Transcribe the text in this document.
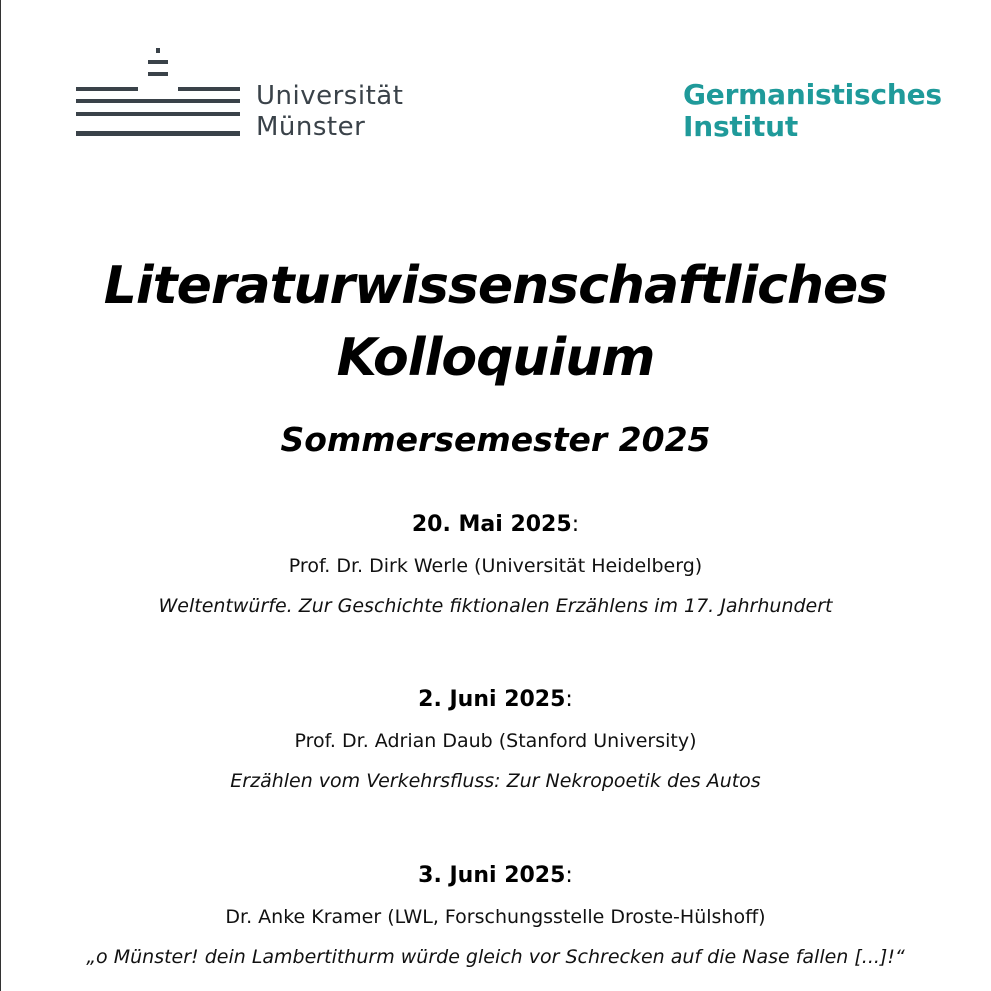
Universität
Münster
Germanistisches
Institut
Literaturwissenschaftliches
Kolloquium
Sommersemester 2025
20. Mai 2025:
Prof. Dr. Dirk Werle (Universität Heidelberg)
Weltentwürfe. Zur Geschichte fiktionalen Erzählens im 17. Jahrhundert
2. Juni 2025:
Prof. Dr. Adrian Daub (Stanford University)
Erzählen vom Verkehrsfluss: Zur Nekropoetik des Autos
3. Juni 2025:
Dr. Anke Kramer (LWL, Forschungsstelle Droste-Hülshoff)
„o Münster! dein Lambertithurm würde gleich vor Schrecken auf die Nase fallen [...]!“
